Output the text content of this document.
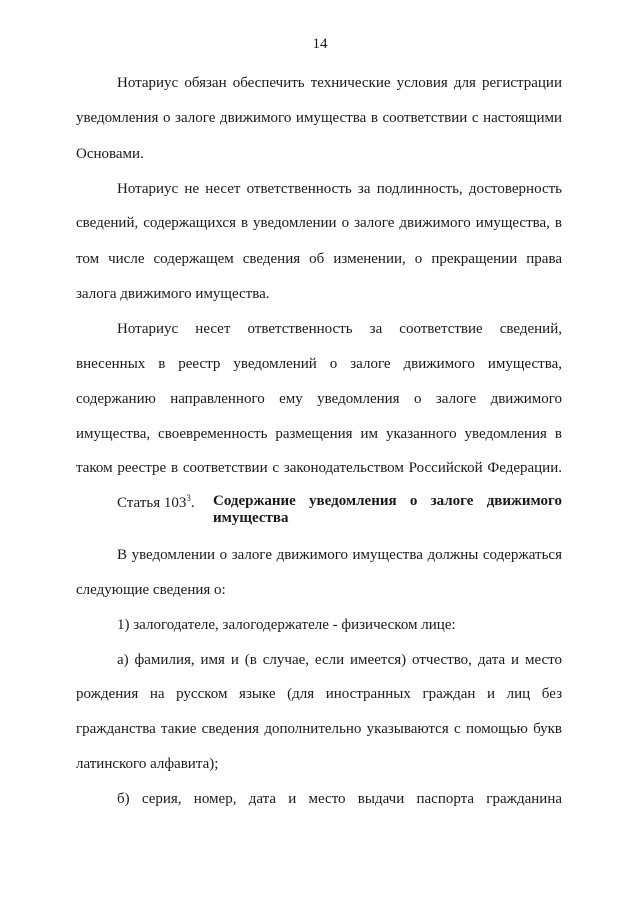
14
Нотариус обязан обеспечить технические условия для регистрации
уведомления о залоге движимого имущества в соответствии с настоящими
Основами.
Нотариус не несет ответственность за подлинность, достоверность
сведений, содержащихся в уведомлении о залоге движимого имущества, в
том числе содержащем сведения об изменении, о прекращении права
залога движимого имущества.
Нотариус несет ответственность за соответствие сведений,
внесенных в реестр уведомлений о залоге движимого имущества,
содержанию направленного ему уведомления о залоге движимого
имущества, своевременность размещения им указанного уведомления в
таком реестре в соответствии с законодательством Российской Федерации.
Статья $103^3$. Содержание уведомления о залоге движимого
имущества
В уведомлении о залоге движимого имущества должны содержаться
следующие сведения о:
1) залогодателе, залогодержателе - физическом лице:
а) фамилия, имя и (в случае, если имеется) отчество, дата и место
рождения на русском языке (для иностранных граждан и лиц без
гражданства такие сведения дополнительно указываются с помощью букв
латинского алфавита);
б) серия, номер, дата и место выдачи паспорта гражданина
